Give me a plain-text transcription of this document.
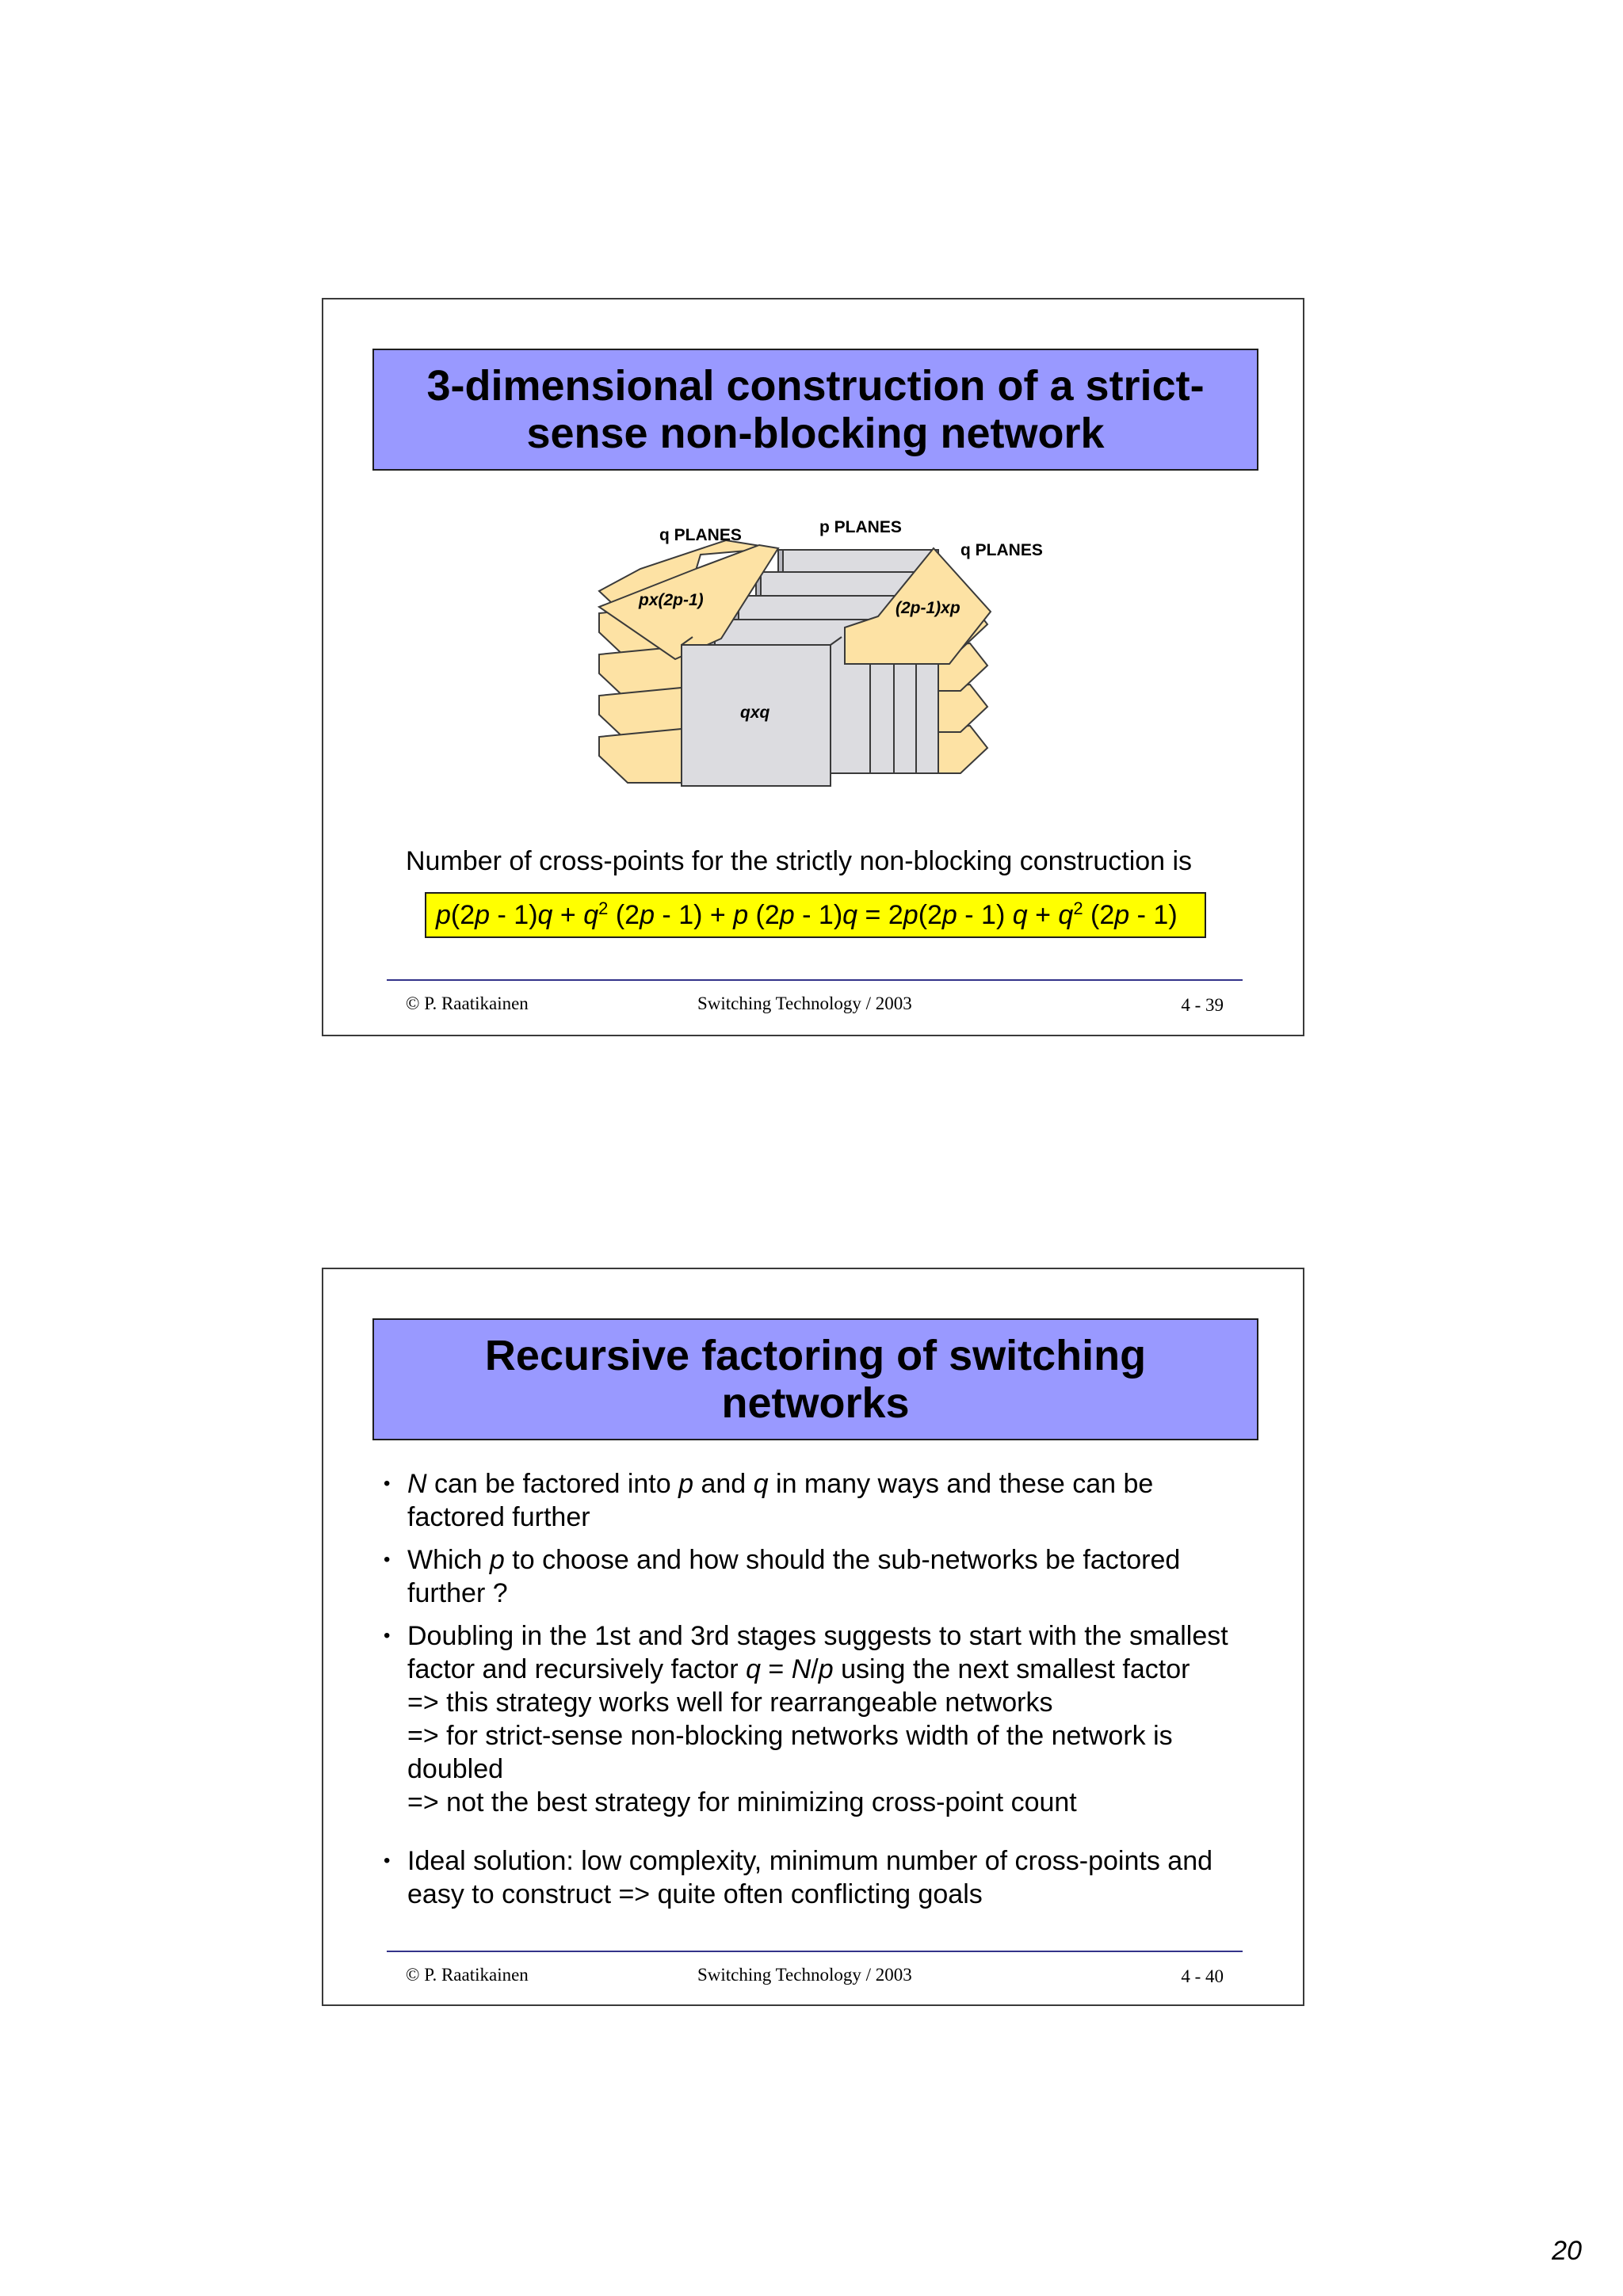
3-dimensional construction of a strict-
sense non-blocking network
q PLANES	p PLANES
q PLANES
px(2p-1)	(2p-1)xp
qxq
Number of cross-points for the strictly non-blocking construction is
$p(2p - 1)q + q^2$ (2p - 1) + p (2p - 1)q = 2p(2p - 1) $q + q^2$ (2p - 1)
© P. Raatikainen	Switching Technology / 2003	4 - 39
Recursive factoring of switching
networks
• N can be factored into p and q in many ways and these can be
factored further
• Which p to choose and how should the sub-networks be factored
further ?
• Doubling in the 1st and 3rd stages suggests to start with the smallest
factor and recursively factor q = N/p using the next smallest factor
=> this strategy works well for rearrangeable networks
=> for strict-sense non-blocking networks width of the network is
doubled
=> not the best strategy for minimizing cross-point count
• Ideal solution: low complexity, minimum number of cross-points and
easy to construct => quite often conflicting goals
© P. Raatikainen	Switching Technology / 2003	4 - 40
20
